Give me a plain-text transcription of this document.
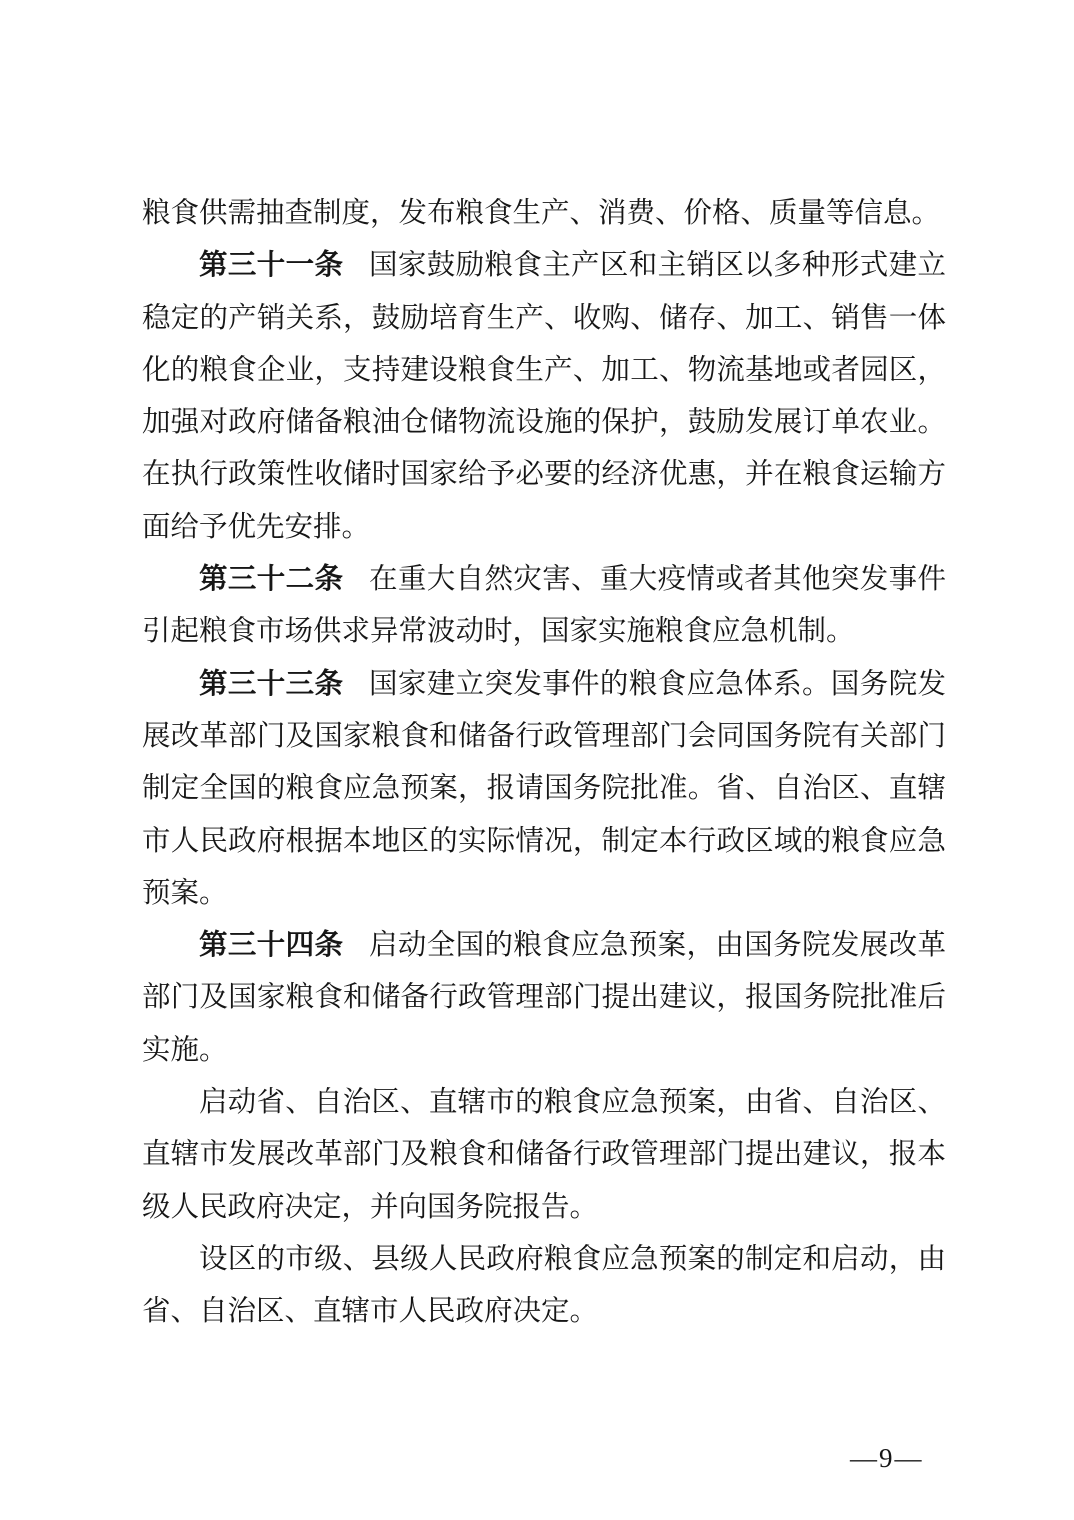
粮食供需抽查制度，发布粮食生产、消费、价格、质量等信息。

第三十一条 国家鼓励粮食主产区和主销区以多种形式建立稳定的产销关系，鼓励培育生产、收购、储存、加工、销售一体化的粮食企业，支持建设粮食生产、加工、物流基地或者园区，加强对政府储备粮油仓储物流设施的保护，鼓励发展订单农业。在执行政策性收储时国家给予必要的经济优惠，并在粮食运输方面给予优先安排。

第三十二条 在重大自然灾害、重大疫情或者其他突发事件引起粮食市场供求异常波动时，国家实施粮食应急机制。

第三十三条 国家建立突发事件的粮食应急体系。国务院发展改革部门及国家粮食和储备行政管理部门会同国务院有关部门制定全国的粮食应急预案，报请国务院批准。省、自治区、直辖市人民政府根据本地区的实际情况，制定本行政区域的粮食应急预案。

第三十四条 启动全国的粮食应急预案，由国务院发展改革部门及国家粮食和储备行政管理部门提出建议，报国务院批准后实施。

启动省、自治区、直辖市的粮食应急预案，由省、自治区、直辖市发展改革部门及粮食和储备行政管理部门提出建议，报本级人民政府决定，并向国务院报告。

设区的市级、县级人民政府粮食应急预案的制定和启动，由省、自治区、直辖市人民政府决定。

—9—
